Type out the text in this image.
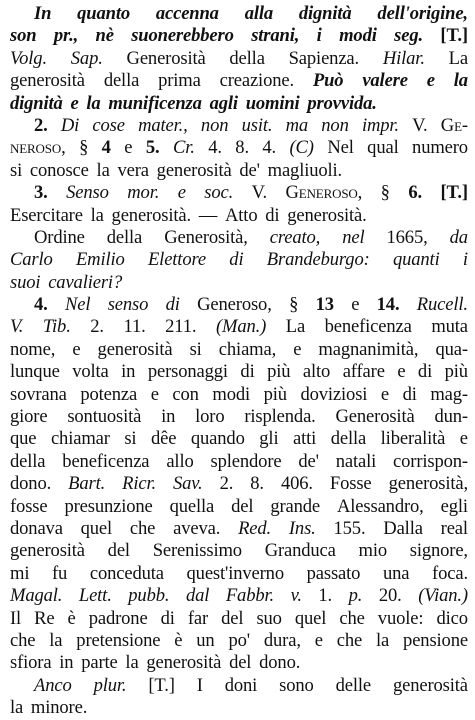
In quanto accenna alla dignità dell'origine,
son pr., nè suonerebbero strani, i modi seg. [T.]
Volg. Sap. Generosità della Sapienza. Hilar. La
generosità della prima creazione. Può valere e la
dignità e la munificenza agli uomini provvida.
2. Di cose mater., non usit. ma non impr. V. Ge-
neroso, § 4 e 5. Cr. 4. 8. 4. (C) Nel qual numero
si conosce la vera generosità de' magliuoli.
3. Senso mor. e soc. V. Generoso, § 6. [T.]
Esercitare la generosità. — Atto di generosità.
Ordine della Generosità, creato, nel 1665, da
Carlo Emilio Elettore di Brandeburgo: quanti i
suoi cavalieri?
4. Nel senso di Generoso, § 13 e 14. Rucell.
V. Tib. 2. 11. 211. (Man.) La beneficenza muta
nome, e generosità si chiama, e magnanimità, qua-
lunque volta in personaggi di più alto affare e di più
sovrana potenza e con modi più doviziosi e di mag-
giore sontuosità in loro risplenda. Generosità dun-
que chiamar si dêe quando gli atti della liberalità e
della beneficenza allo splendore de' natali corrispon-
dono. Bart. Ricr. Sav. 2. 8. 406. Fosse generosità,
fosse presunzione quella del grande Alessandro, egli
donava quel che aveva. Red. Ins. 155. Dalla real
generosità del Serenissimo Granduca mio signore,
mi fu conceduta quest'inverno passato una foca.
Magal. Lett. pubb. dal Fabbr. v. 1. p. 20. (Vian.)
Il Re è padrone di far del suo quel che vuole: dico
che la pretensione è un po' dura, e che la pensione
sfiora in parte la generosità del dono.
Anco plur. [T.] I doni sono delle generosità
la minore.
